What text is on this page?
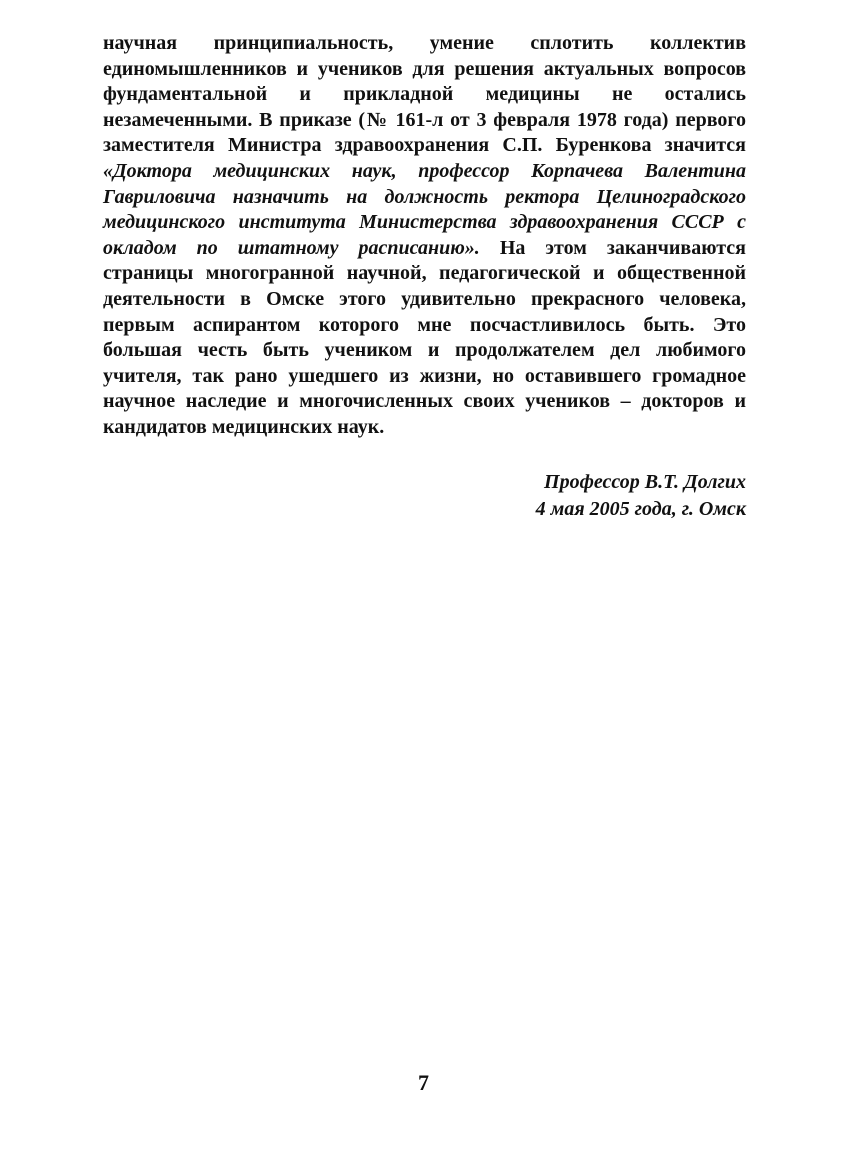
научная принципиальность, умение сплотить коллектив единомышленников и учеников для решения актуальных вопросов фундаментальной и прикладной медицины не остались незамеченными. В приказе (№ 161-л от 3 февраля 1978 года) первого заместителя Министра здравоохранения С.П. Буренкова значится «Доктора медицинских наук, профессор Корпачева Валентина Гавриловича назначить на должность ректора Целиноградского медицинского института Министерства здравоохранения СССР с окладом по штатному расписанию». На этом заканчиваются страницы многогранной научной, педагогической и общественной деятельности в Омске этого удивительно прекрасного человека, первым аспирантом которого мне посчастливилось быть. Это большая честь быть учеником и продолжателем дел любимого учителя, так рано ушедшего из жизни, но оставившего громадное научное наследие и многочисленных своих учеников – докторов и кандидатов медицинских наук.

Профессор В.Т. Долгих
4 мая 2005 года, г. Омск
7
